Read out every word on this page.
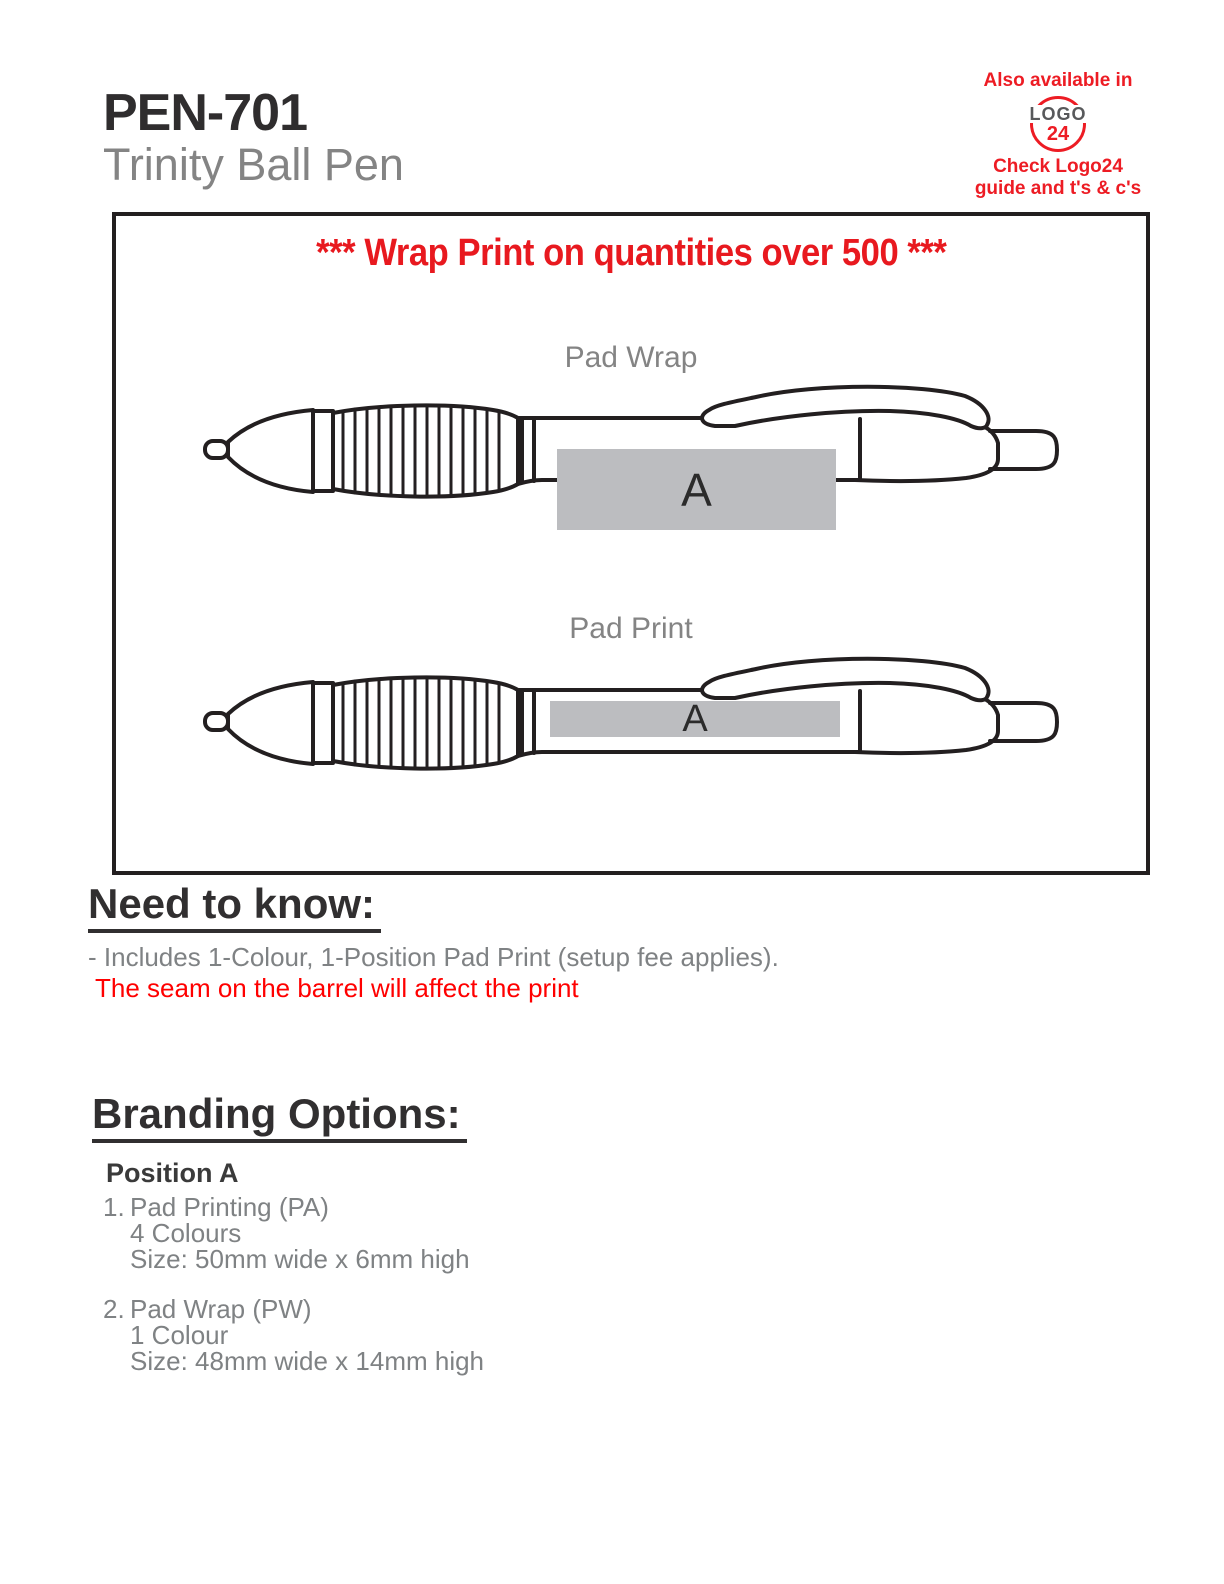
PEN-701
Trinity Ball Pen
Also available in
LOGO
24
Check Logo24
guide and t's & c's
*** Wrap Print on quantities over 500 ***
Pad Wrap
A
Pad Print
A
Need to know:

- Includes 1-Colour, 1-Position Pad Print (setup fee applies).

The seam on the barrel will affect the print

Branding Options:
Position A
1. Pad Printing (PA)
4 Colours
Size: 50mm wide x 6mm high
2. Pad Wrap (PW)
1 Colour
Size: 48mm wide x 14mm high
